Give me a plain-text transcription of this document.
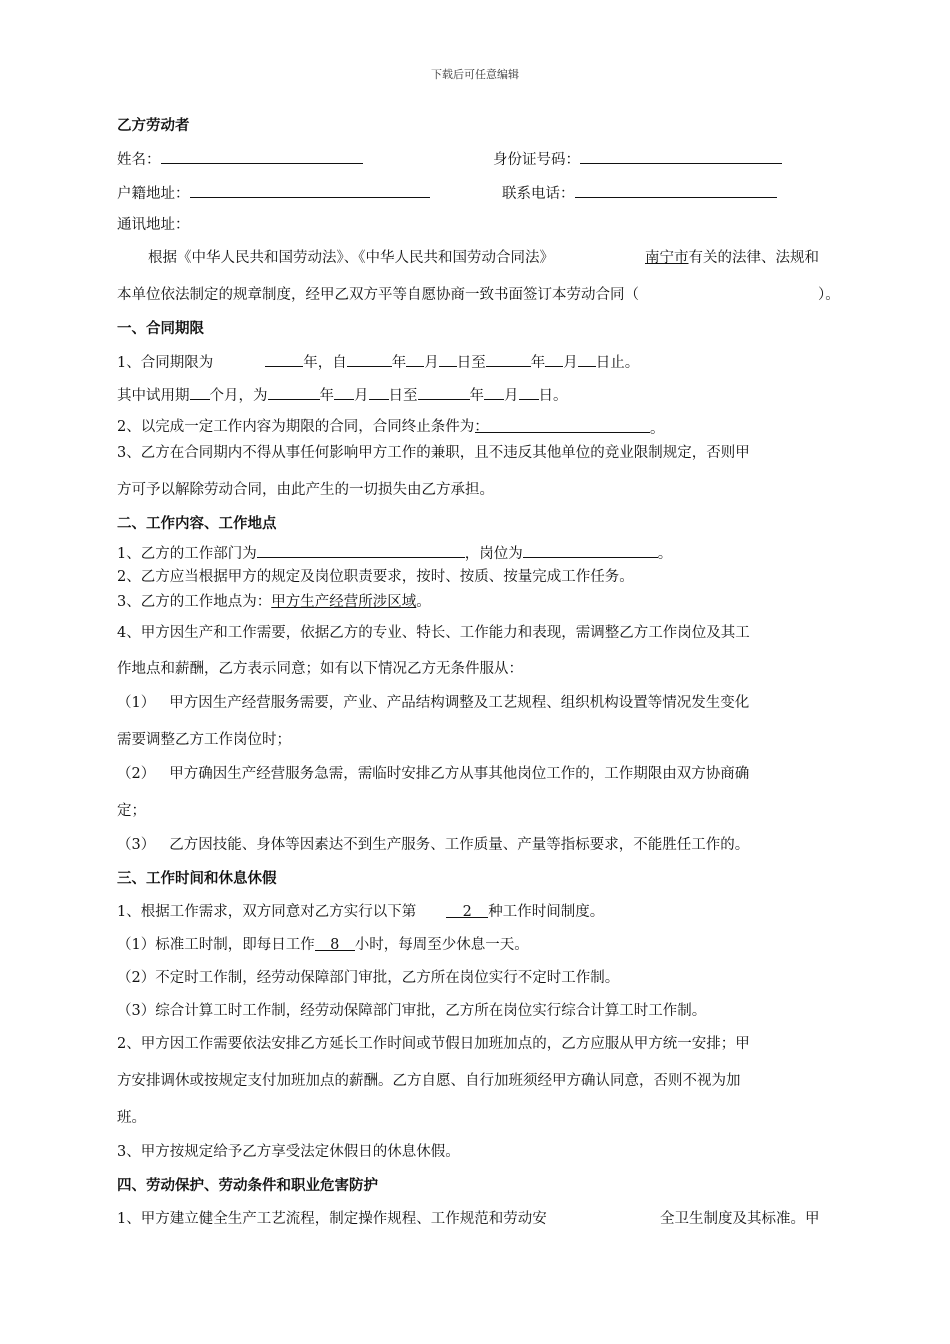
下载后可任意编辑
乙方劳动者
姓名：	身份证号码：
户籍地址：	联系电话：
通讯地址：
根据《中华人民共和国劳动法》、《中华人民共和国劳动合同法》	南宁市有关的法律、法规和
本单位依法制定的规章制度，经甲乙双方平等自愿协商一致书面签订本劳动合同（	）。
一、合同期限
1、合同期限为	年，自	年 月 日至	年 月 日止。
其中试用期 个月，为	年 月 日至	年 月 日。
2、以完成一定工作内容为期限的合同，合同终止条件为：	。
3、乙方在合同期内不得从事任何影响甲方工作的兼职，且不违反其他单位的竞业限制规定，否则甲
方可予以解除劳动合同，由此产生的一切损失由乙方承担。
二、工作内容、工作地点
1、乙方的工作部门为	，岗位为	。
2、乙方应当根据甲方的规定及岗位职责要求，按时、按质、按量完成工作任务。
3、乙方的工作地点为：甲方生产经营所涉区域。
4、甲方因生产和工作需要，依据乙方的专业、特长、工作能力和表现，需调整乙方工作岗位及其工
作地点和薪酬，乙方表示同意；如有以下情况乙方无条件服从：
（1） 甲方因生产经营服务需要，产业、产品结构调整及工艺规程、组织机构设置等情况发生变化
需要调整乙方工作岗位时；
（2） 甲方确因生产经营服务急需，需临时安排乙方从事其他岗位工作的，工作期限由双方协商确
定；
（3） 乙方因技能、身体等因素达不到生产服务、工作质量、产量等指标要求，不能胜任工作的。
三、工作时间和休息休假
1、根据工作需求，双方同意对乙方实行以下第	2 种工作时间制度。
（1）标准工时制，即每日工作 8 小时，每周至少休息一天。
（2）不定时工作制，经劳动保障部门审批，乙方所在岗位实行不定时工作制。
（3）综合计算工时工作制，经劳动保障部门审批，乙方所在岗位实行综合计算工时工作制。
2、甲方因工作需要依法安排乙方延长工作时间或节假日加班加点的，乙方应服从甲方统一安排；甲
方安排调休或按规定支付加班加点的薪酬。乙方自愿、自行加班须经甲方确认同意，否则不视为加
班。
3、甲方按规定给予乙方享受法定休假日的休息休假。
四、劳动保护、劳动条件和职业危害防护
1、甲方建立健全生产工艺流程，制定操作规程、工作规范和劳动安	全卫生制度及其标准。甲
